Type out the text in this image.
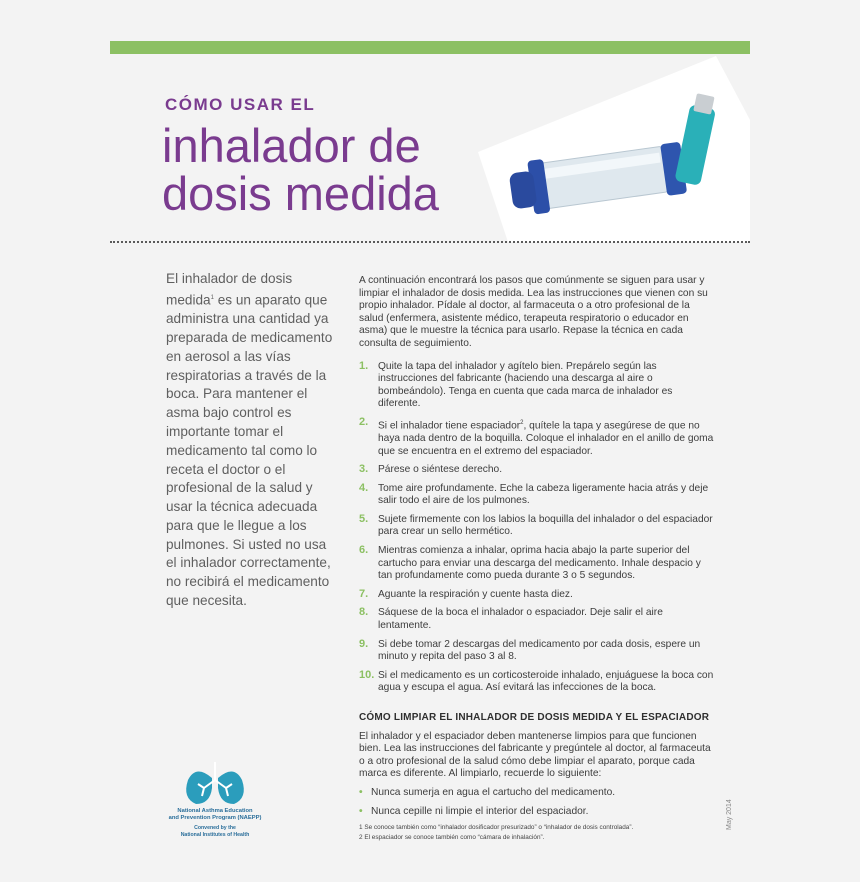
CÓMO USAR EL
inhalador de
dosis medida
El inhalador de dosis medida$^1$ es un aparato que administra una cantidad ya preparada de medicamento en aerosol a las vías respiratorias a través de la boca. Para mantener el asma bajo control es importante tomar el medicamento tal como lo receta el doctor o el profesional de la salud y usar la técnica adecuada para que le llegue a los pulmones. Si usted no usa el inhalador correctamente, no recibirá el medicamento que necesita.

A continuación encontrará los pasos que comúnmente se siguen para usar y limpiar el inhalador de dosis medida. Lea las instrucciones que vienen con su propio inhalador. Pídale al doctor, al farmaceuta o a otro profesional de la salud (enfermera, asistente médico, terapeuta respiratorio o educador en asma) que le muestre la técnica para usarlo. Repase la técnica en cada consulta de seguimiento.

1. Quite la tapa del inhalador y agítelo bien. Prepárelo según las instrucciones del fabricante (haciendo una descarga al aire o bombeándolo). Tenga en cuenta que cada marca de inhalador es diferente.
2. Si el inhalador tiene espaciador$^2$, quítele la tapa y asegúrese de que no haya nada dentro de la boquilla. Coloque el inhalador en el anillo de goma que se encuentra en el extremo del espaciador.
3. Párese o siéntese derecho.
4. Tome aire profundamente. Eche la cabeza ligeramente hacia atrás y deje salir todo el aire de los pulmones.
5. Sujete firmemente con los labios la boquilla del inhalador o del espaciador para crear un sello hermético.
6. Mientras comienza a inhalar, oprima hacia abajo la parte superior del cartucho para enviar una descarga del medicamento. Inhale despacio y tan profundamente como pueda durante 3 o 5 segundos.
7. Aguante la respiración y cuente hasta diez.
8. Sáquese de la boca el inhalador o espaciador. Deje salir el aire lentamente.
9. Si debe tomar 2 descargas del medicamento por cada dosis, espere un minuto y repita del paso 3 al 8.
10. Si el medicamento es un corticosteroide inhalado, enjuáguese la boca con agua y escupa el agua. Así evitará las infecciones de la boca.

CÓMO LIMPIAR EL INHALADOR DE DOSIS MEDIDA Y EL ESPACIADOR

El inhalador y el espaciador deben mantenerse limpios para que funcionen bien. Lea las instrucciones del fabricante y pregúntele al doctor, al farmaceuta o a otro profesional de la salud cómo debe limpiar el aparato, porque cada marca es diferente. Al limpiarlo, recuerde lo siguiente:

• Nunca sumerja en agua el cartucho del medicamento.
• Nunca cepille ni limpie el interior del espaciador.
National Asthma Education
and Prevention Program (NAEPP)
Convened by the
National Institutes of Health
1 Se conoce también como “inhalador dosificador presurizado” o “inhalador de dosis controlada”.
2 El espaciador se conoce también como “cámara de inhalación”.
May 2014
